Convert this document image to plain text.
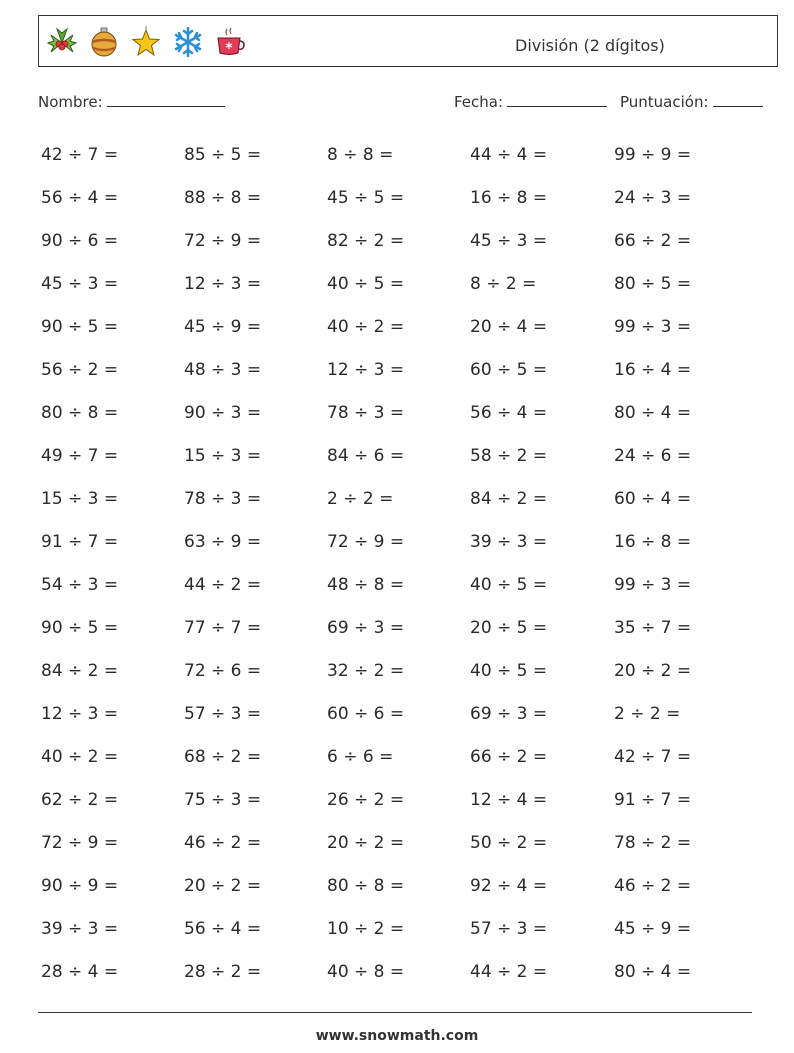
División (2 dígitos)
Nombre:	Fecha:	Puntuación:
42 ÷ 7 =	85 ÷ 5 =	8 ÷ 8 =	44 ÷ 4 =	99 ÷ 9 =
56 ÷ 4 =	88 ÷ 8 =	45 ÷ 5 =	16 ÷ 8 =	24 ÷ 3 =
90 ÷ 6 =	72 ÷ 9 =	82 ÷ 2 =	45 ÷ 3 =	66 ÷ 2 =
45 ÷ 3 =	12 ÷ 3 =	40 ÷ 5 =	8 ÷ 2 =	80 ÷ 5 =
90 ÷ 5 =	45 ÷ 9 =	40 ÷ 2 =	20 ÷ 4 =	99 ÷ 3 =
56 ÷ 2 =	48 ÷ 3 =	12 ÷ 3 =	60 ÷ 5 =	16 ÷ 4 =
80 ÷ 8 =	90 ÷ 3 =	78 ÷ 3 =	56 ÷ 4 =	80 ÷ 4 =
49 ÷ 7 =	15 ÷ 3 =	84 ÷ 6 =	58 ÷ 2 =	24 ÷ 6 =
15 ÷ 3 =	78 ÷ 3 =	2 ÷ 2 =	84 ÷ 2 =	60 ÷ 4 =
91 ÷ 7 =	63 ÷ 9 =	72 ÷ 9 =	39 ÷ 3 =	16 ÷ 8 =
54 ÷ 3 =	44 ÷ 2 =	48 ÷ 8 =	40 ÷ 5 =	99 ÷ 3 =
90 ÷ 5 =	77 ÷ 7 =	69 ÷ 3 =	20 ÷ 5 =	35 ÷ 7 =
84 ÷ 2 =	72 ÷ 6 =	32 ÷ 2 =	40 ÷ 5 =	20 ÷ 2 =
12 ÷ 3 =	57 ÷ 3 =	60 ÷ 6 =	69 ÷ 3 =	2 ÷ 2 =
40 ÷ 2 =	68 ÷ 2 =	6 ÷ 6 =	66 ÷ 2 =	42 ÷ 7 =
62 ÷ 2 =	75 ÷ 3 =	26 ÷ 2 =	12 ÷ 4 =	91 ÷ 7 =
72 ÷ 9 =	46 ÷ 2 =	20 ÷ 2 =	50 ÷ 2 =	78 ÷ 2 =
90 ÷ 9 =	20 ÷ 2 =	80 ÷ 8 =	92 ÷ 4 =	46 ÷ 2 =
39 ÷ 3 =	56 ÷ 4 =	10 ÷ 2 =	57 ÷ 3 =	45 ÷ 9 =
28 ÷ 4 =	28 ÷ 2 =	40 ÷ 8 =	44 ÷ 2 =	80 ÷ 4 =
www.snowmath.com
